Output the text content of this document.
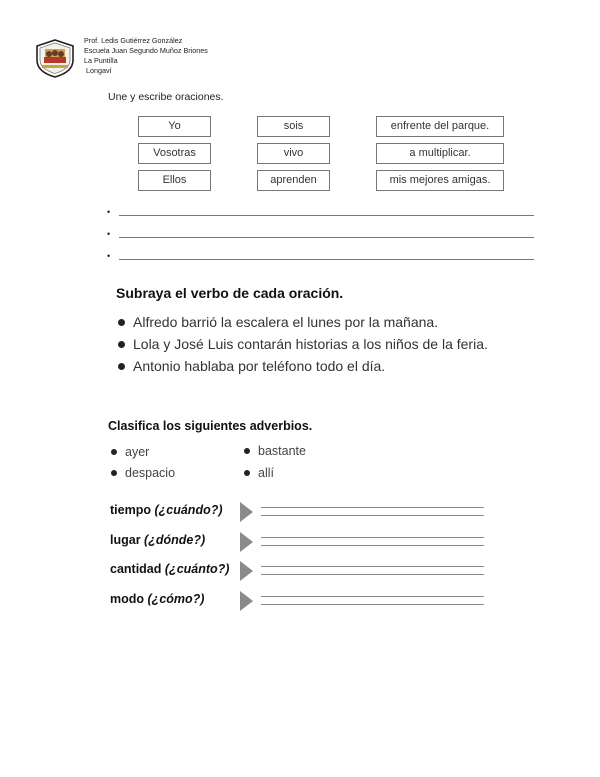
Prof. Ledis Gutiérrez González
Escuela Juan Segundo Muñoz Briones
La Puntilla
Longaví
Une y escribe oraciones.
Yo
Vosotras
Ellos
sois
vivo
aprenden
enfrente del parque.
a multiplicar.
mis mejores amigas.
•
•
•
Subraya el verbo de cada oración.
Alfredo barrió la escalera el lunes por la mañana.
Lola y José Luis contarán historias a los niños de la feria.
Antonio hablaba por teléfono todo el día.
Clasifica los siguientes adverbios.
ayer
despacio
bastante
allí
tiempo (¿cuándo?)
lugar (¿dónde?)
cantidad (¿cuánto?)
modo (¿cómo?)
